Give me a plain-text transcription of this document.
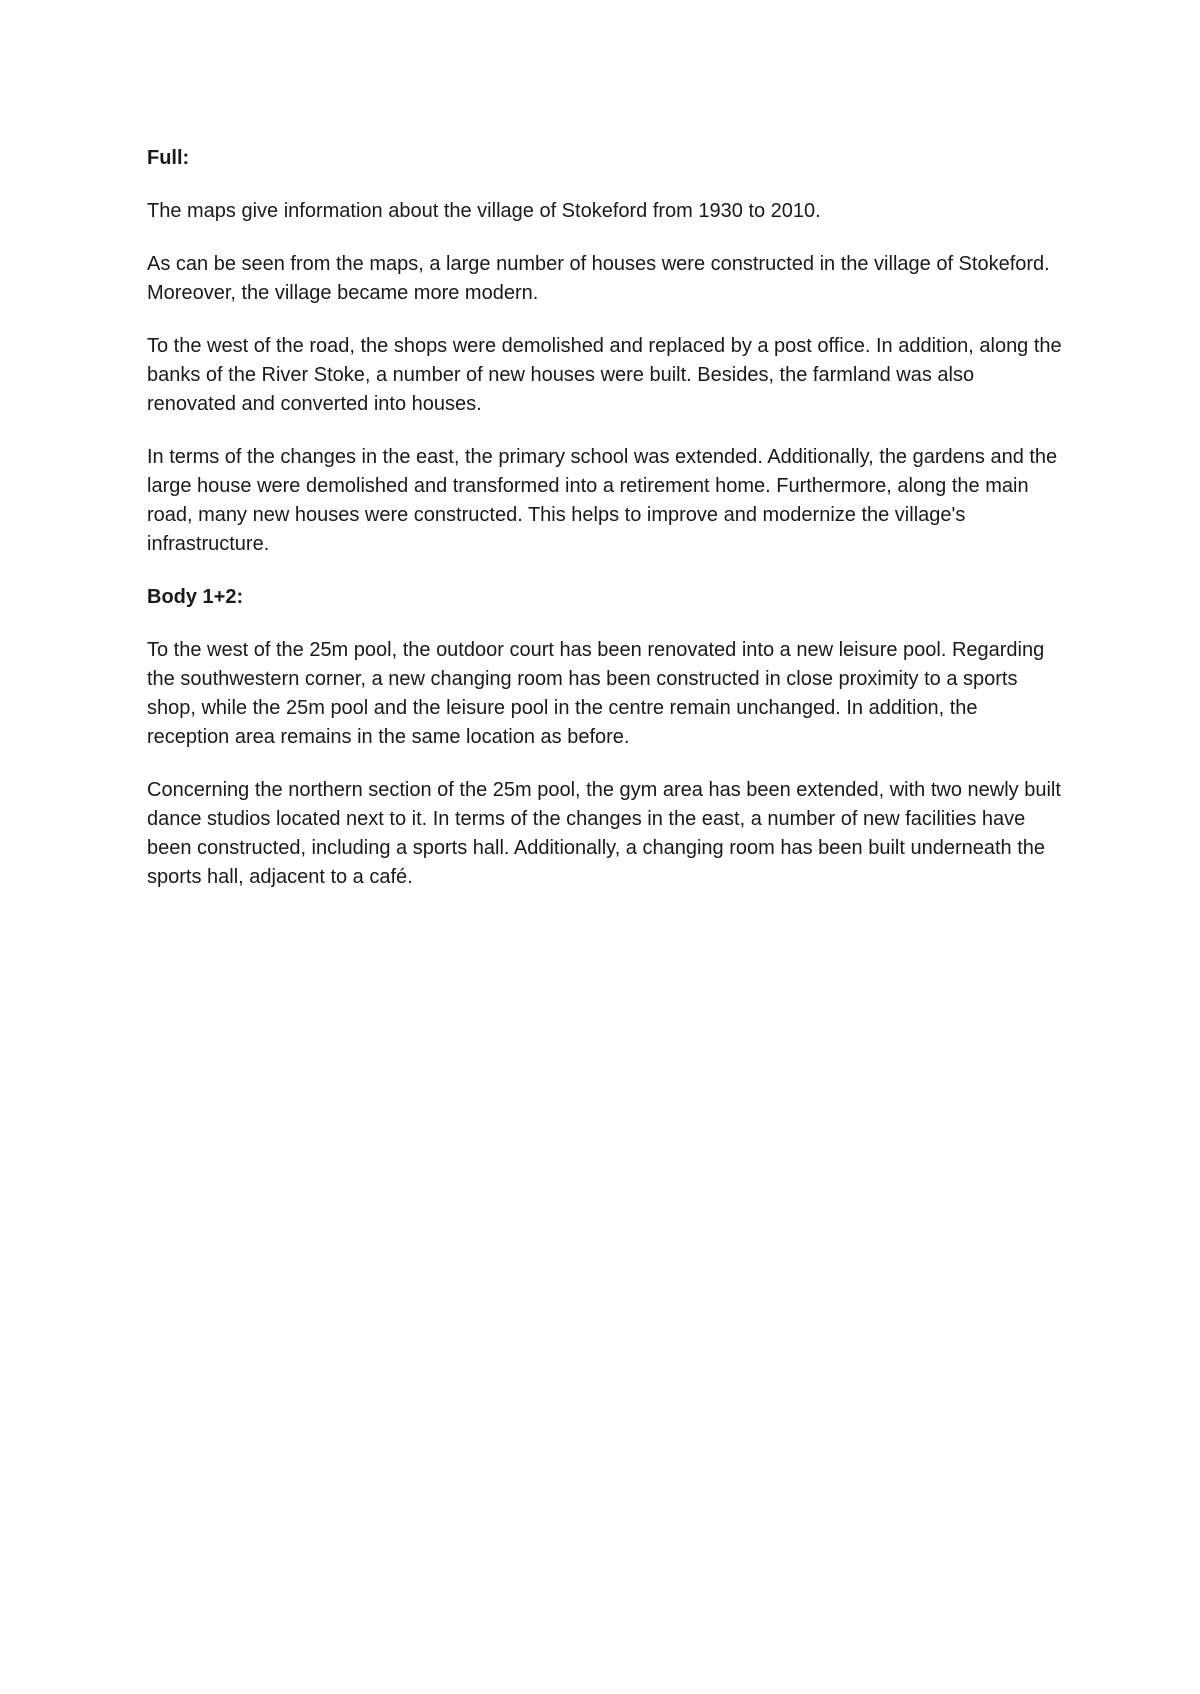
Full:

The maps give information about the village of Stokeford from 1930 to 2010.

As can be seen from the maps, a large number of houses were constructed in the village of Stokeford. Moreover, the village became more modern.

To the west of the road, the shops were demolished and replaced by a post office. In addition, along the banks of the River Stoke, a number of new houses were built. Besides, the farmland was also renovated and converted into houses.

In terms of the changes in the east, the primary school was extended. Additionally, the gardens and the large house were demolished and transformed into a retirement home. Furthermore, along the main road, many new houses were constructed. This helps to improve and modernize the village's infrastructure.

Body 1+2:

To the west of the 25m pool, the outdoor court has been renovated into a new leisure pool. Regarding the southwestern corner, a new changing room has been constructed in close proximity to a sports shop, while the 25m pool and the leisure pool in the centre remain unchanged. In addition, the reception area remains in the same location as before.

Concerning the northern section of the 25m pool, the gym area has been extended, with two newly built dance studios located next to it. In terms of the changes in the east, a number of new facilities have been constructed, including a sports hall. Additionally, a changing room has been built underneath the sports hall, adjacent to a café.
